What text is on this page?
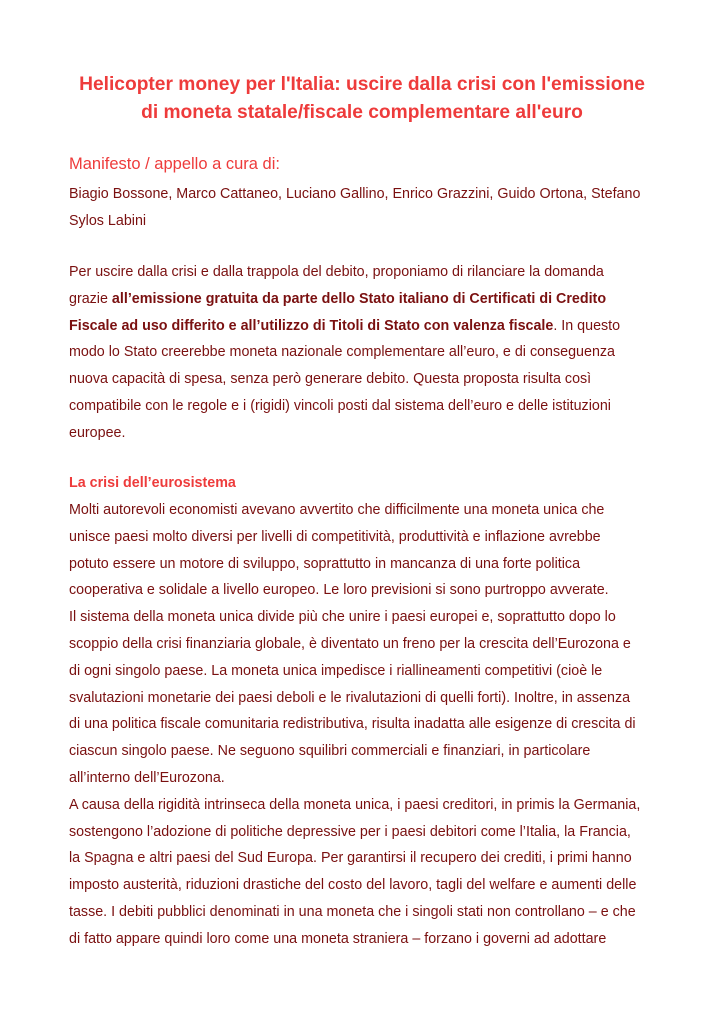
Helicopter money per l'Italia: uscire dalla crisi con l'emissione
di moneta statale/fiscale complementare all'euro
Manifesto / appello a cura di:

Biagio Bossone, Marco Cattaneo, Luciano Gallino, Enrico Grazzini, Guido Ortona, Stefano
Sylos Labini

Per uscire dalla crisi e dalla trappola del debito, proponiamo di rilanciare la domanda
grazie all’emissione gratuita da parte dello Stato italiano di Certificati di Credito
Fiscale ad uso differito e all’utilizzo di Titoli di Stato con valenza fiscale. In questo
modo lo Stato creerebbe moneta nazionale complementare all’euro, e di conseguenza
nuova capacità di spesa, senza però generare debito. Questa proposta risulta così
compatibile con le regole e i (rigidi) vincoli posti dal sistema dell’euro e delle istituzioni
europee.

La crisi dell’eurosistema

Molti autorevoli economisti avevano avvertito che difficilmente una moneta unica che
unisce paesi molto diversi per livelli di competitività, produttività e inflazione avrebbe
potuto essere un motore di sviluppo, soprattutto in mancanza di una forte politica
cooperativa e solidale a livello europeo. Le loro previsioni si sono purtroppo avverate.
Il sistema della moneta unica divide più che unire i paesi europei e, soprattutto dopo lo
scoppio della crisi finanziaria globale, è diventato un freno per la crescita dell’Eurozona e
di ogni singolo paese. La moneta unica impedisce i riallineamenti competitivi (cioè le
svalutazioni monetarie dei paesi deboli e le rivalutazioni di quelli forti). Inoltre, in assenza
di una politica fiscale comunitaria redistributiva, risulta inadatta alle esigenze di crescita di
ciascun singolo paese. Ne seguono squilibri commerciali e finanziari, in particolare
all’interno dell’Eurozona.
A causa della rigidità intrinseca della moneta unica, i paesi creditori, in primis la Germania,
sostengono l’adozione di politiche depressive per i paesi debitori come l’Italia, la Francia,
la Spagna e altri paesi del Sud Europa. Per garantirsi il recupero dei crediti, i primi hanno
imposto austerità, riduzioni drastiche del costo del lavoro, tagli del welfare e aumenti delle
tasse. I debiti pubblici denominati in una moneta che i singoli stati non controllano – e che
di fatto appare quindi loro come una moneta straniera – forzano i governi ad adottare
